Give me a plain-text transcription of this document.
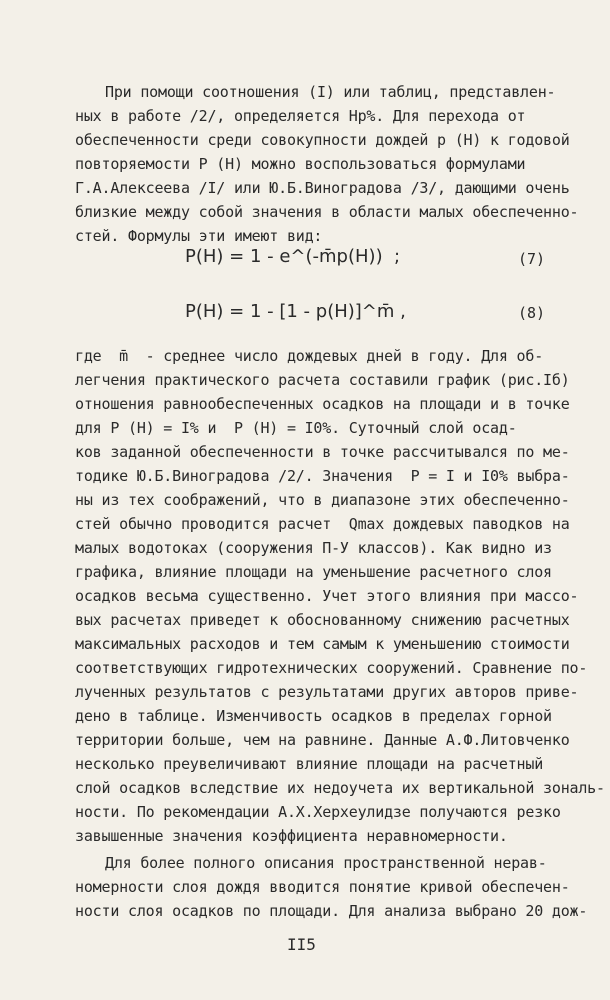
При помощи соотношения (I) или таблиц, представлен-
ных в работе /2/, определяется Hр%. Для перехода от
обеспеченности среди совокупности дождей p (H) к годовой
повторяемости P (H) можно воспользоваться формулами
Г.А.Алексеева /I/ или Ю.Б.Виноградова /3/, дающими очень
близкие между собой значения в области малых обеспеченно-
стей. Формулы эти имеют вид:
P(H) = 1 - e^(-m̄p(H))  ;	(7)
P(H) = 1 - [1 - p(H)]^m̄ ,	(8)
где  m̄  - среднее число дождевых дней в году. Для об-
легчения практического расчета составили график (рис.Iб)
отношения равнообеспеченных осадков на площади и в точке
для P (H) = I% и  P (H) = I0%. Суточный слой осад-
ков заданной обеспеченности в точке рассчитывался по ме-
тодике Ю.Б.Виноградова /2/. Значения  P = I и I0% выбра-
ны из тех соображений, что в диапазоне этих обеспеченно-
стей обычно проводится расчет  Qmax дождевых паводков на
малых водотоках (сооружения П-У классов). Как видно из
графика, влияние площади на уменьшение расчетного слоя
осадков весьма существенно. Учет этого влияния при массо-
вых расчетах приведет к обоснованному снижению расчетных
максимальных расходов и тем самым к уменьшению стоимости
соответствующих гидротехнических сооружений. Сравнение по-
лученных результатов с результатами других авторов приве-
дено в таблице. Изменчивость осадков в пределах горной
территории больше, чем на равнине. Данные А.Ф.Литовченко
несколько преувеличивают влияние площади на расчетный
слой осадков вследствие их недоучета их вертикальной зональ-
ности. По рекомендации А.Х.Херхеулидзе получаются резко
завышенные значения коэффициента неравномерности.
Для более полного описания пространственной нерав-
номерности слоя дождя вводится понятие кривой обеспечен-
ности слоя осадков по площади. Для анализа выбрано 20 дож-
II5
